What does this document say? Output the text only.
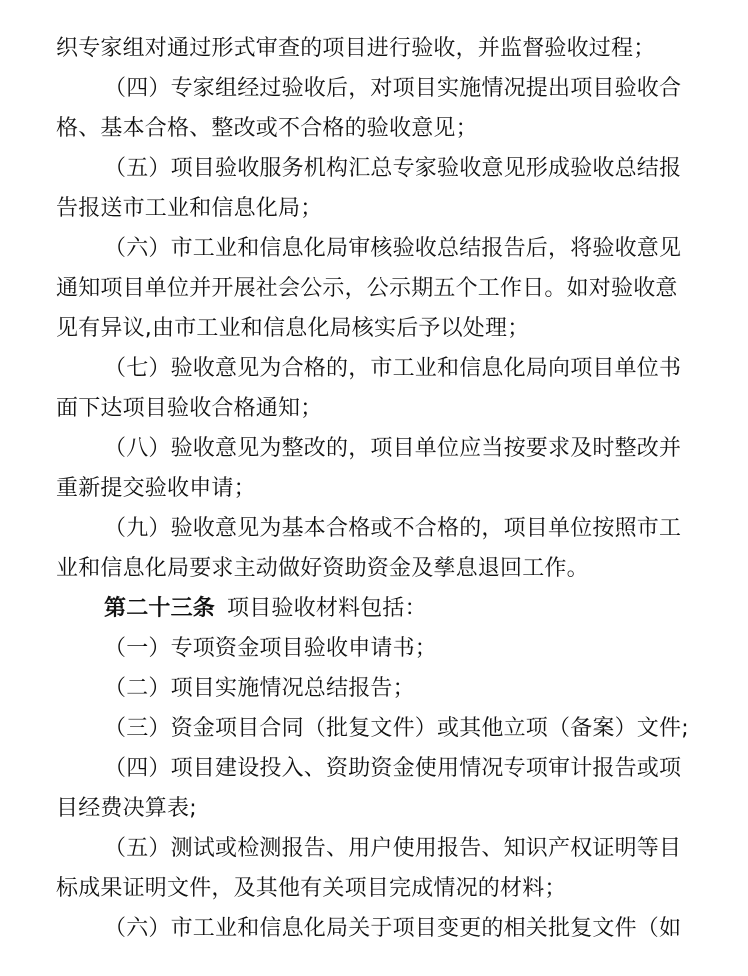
织专家组对通过形式审查的项目进行验收，并监督验收过程；
（四）专家组经过验收后，对项目实施情况提出项目验收合
格、基本合格、整改或不合格的验收意见；
（五）项目验收服务机构汇总专家验收意见形成验收总结报
告报送市工业和信息化局；
（六）市工业和信息化局审核验收总结报告后，将验收意见
通知项目单位并开展社会公示，公示期五个工作日。如对验收意
见有异议,由市工业和信息化局核实后予以处理；
（七）验收意见为合格的，市工业和信息化局向项目单位书
面下达项目验收合格通知；
（八）验收意见为整改的，项目单位应当按要求及时整改并
重新提交验收申请；
（九）验收意见为基本合格或不合格的，项目单位按照市工
业和信息化局要求主动做好资助资金及孳息退回工作。
第二十三条 项目验收材料包括：
（一）专项资金项目验收申请书；
（二）项目实施情况总结报告；
（三）资金项目合同（批复文件）或其他立项（备案）文件;
（四）项目建设投入、资助资金使用情况专项审计报告或项
目经费决算表;
（五）测试或检测报告、用户使用报告、知识产权证明等目
标成果证明文件，及其他有关项目完成情况的材料；
（六）市工业和信息化局关于项目变更的相关批复文件（如
